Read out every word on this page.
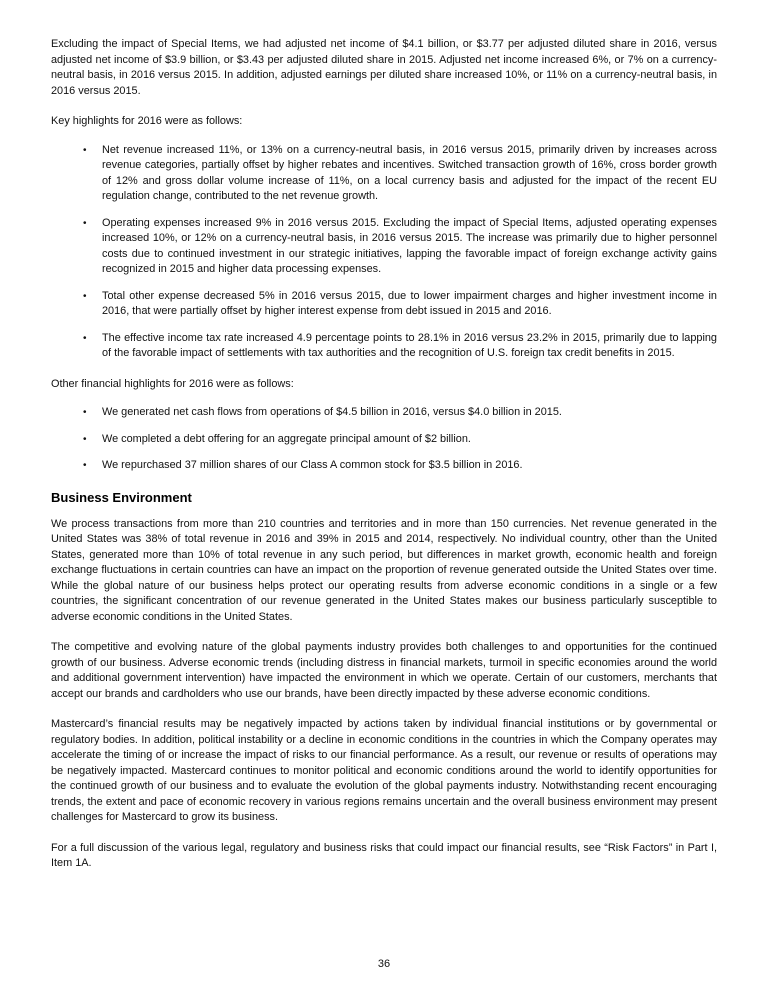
Excluding the impact of Special Items, we had adjusted net income of $4.1 billion, or $3.77 per adjusted diluted share in 2016, versus adjusted net income of $3.9 billion, or $3.43 per adjusted diluted share in 2015. Adjusted net income increased 6%, or 7% on a currency-neutral basis, in 2016 versus 2015. In addition, adjusted earnings per diluted share increased 10%, or 11% on a currency-neutral basis, in 2016 versus 2015.

Key highlights for 2016 were as follows:

• Net revenue increased 11%, or 13% on a currency-neutral basis, in 2016 versus 2015, primarily driven by increases across revenue categories, partially offset by higher rebates and incentives. Switched transaction growth of 16%, cross border growth of 12% and gross dollar volume increase of 11%, on a local currency basis and adjusted for the impact of the recent EU regulation change, contributed to the net revenue growth.
• Operating expenses increased 9% in 2016 versus 2015. Excluding the impact of Special Items, adjusted operating expenses increased 10%, or 12% on a currency-neutral basis, in 2016 versus 2015. The increase was primarily due to higher personnel costs due to continued investment in our strategic initiatives, lapping the favorable impact of foreign exchange activity gains recognized in 2015 and higher data processing expenses.
• Total other expense decreased 5% in 2016 versus 2015, due to lower impairment charges and higher investment income in 2016, that were partially offset by higher interest expense from debt issued in 2015 and 2016.
• The effective income tax rate increased 4.9 percentage points to 28.1% in 2016 versus 23.2% in 2015, primarily due to lapping of the favorable impact of settlements with tax authorities and the recognition of U.S. foreign tax credit benefits in 2015.

Other financial highlights for 2016 were as follows:

• We generated net cash flows from operations of $4.5 billion in 2016, versus $4.0 billion in 2015.
• We completed a debt offering for an aggregate principal amount of $2 billion.
• We repurchased 37 million shares of our Class A common stock for $3.5 billion in 2016.
Business Environment

We process transactions from more than 210 countries and territories and in more than 150 currencies. Net revenue generated in the United States was 38% of total revenue in 2016 and 39% in 2015 and 2014, respectively. No individual country, other than the United States, generated more than 10% of total revenue in any such period, but differences in market growth, economic health and foreign exchange fluctuations in certain countries can have an impact on the proportion of revenue generated outside the United States over time. While the global nature of our business helps protect our operating results from adverse economic conditions in a single or a few countries, the significant concentration of our revenue generated in the United States makes our business particularly susceptible to adverse economic conditions in the United States.

The competitive and evolving nature of the global payments industry provides both challenges to and opportunities for the continued growth of our business. Adverse economic trends (including distress in financial markets, turmoil in specific economies around the world and additional government intervention) have impacted the environment in which we operate. Certain of our customers, merchants that accept our brands and cardholders who use our brands, have been directly impacted by these adverse economic conditions.

Mastercard’s financial results may be negatively impacted by actions taken by individual financial institutions or by governmental or regulatory bodies. In addition, political instability or a decline in economic conditions in the countries in which the Company operates may accelerate the timing of or increase the impact of risks to our financial performance. As a result, our revenue or results of operations may be negatively impacted. Mastercard continues to monitor political and economic conditions around the world to identify opportunities for the continued growth of our business and to evaluate the evolution of the global payments industry. Notwithstanding recent encouraging trends, the extent and pace of economic recovery in various regions remains uncertain and the overall business environment may present challenges for Mastercard to grow its business.

For a full discussion of the various legal, regulatory and business risks that could impact our financial results, see “Risk Factors” in Part I, Item 1A.

36
